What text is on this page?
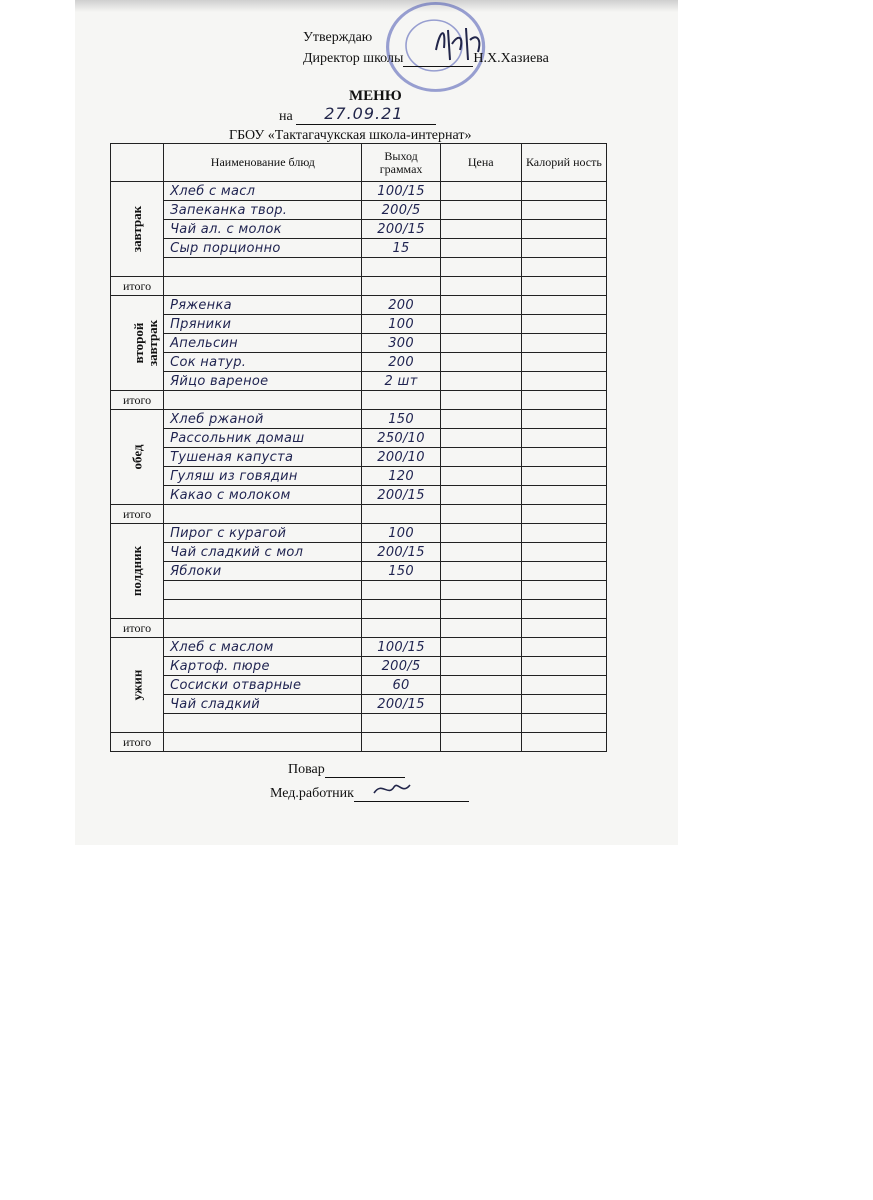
Утверждаю
Директор школы	Н.Х.Хазиева
МЕНЮ
на 27.09.21
ГБОУ «Тактагачукская школа-интернат»
	Наименование блюд	Выход граммах	Цена	Калорий ность
завтрак	Хлеб с масл	100/15		
	Запеканка твор.	200/5		
	Чай ал. с молок	200/15		
	Сыр порционно	15		

итого				
второй завтрак	Ряженка	200		
	Пряники	100		
	Апельсин	300		
	Сок натур.	200		
	Яйцо вареное	2 шт		
итого				
обед	Хлеб ржаной	150		
	Рассольник домаш	250/10		
	Тушеная капуста	200/10		
	Гуляш из говядин	120		
	Какао с молоком	200/15		
итого				
полдник	Пирог с курагой	100		
	Чай сладкий с мол	200/15		
	Яблоки	150		

итого				
ужин	Хлеб с маслом	100/15		
	Картоф. пюре	200/5		
	Сосиски отварные	60		
	Чай сладкий	200/15		

итого				
Повар
Мед.работник
